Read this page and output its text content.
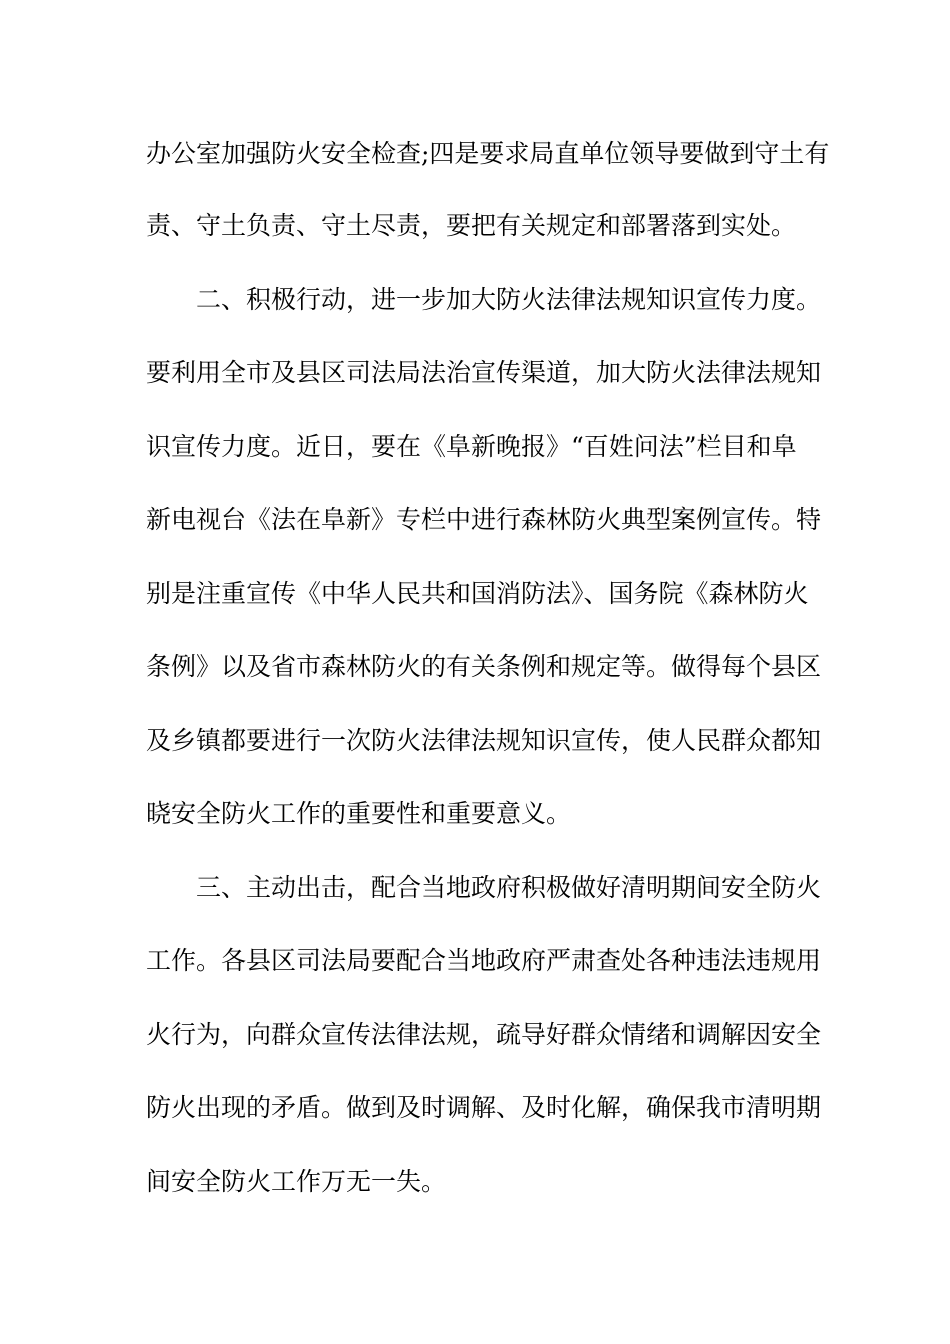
办公室加强防火安全检查;四是要求局直单位领导要做到守土有
责、守土负责、守土尽责，要把有关规定和部署落到实处。
二、积极行动，进一步加大防火法律法规知识宣传力度。
要利用全市及县区司法局法治宣传渠道，加大防火法律法规知
识宣传力度。近日，要在《阜新晚报》“百姓问法”栏目和阜
新电视台《法在阜新》专栏中进行森林防火典型案例宣传。特
别是注重宣传《中华人民共和国消防法》、国务院《森林防火
条例》以及省市森林防火的有关条例和规定等。做得每个县区
及乡镇都要进行一次防火法律法规知识宣传，使人民群众都知
晓安全防火工作的重要性和重要意义。
三、主动出击，配合当地政府积极做好清明期间安全防火
工作。各县区司法局要配合当地政府严肃查处各种违法违规用
火行为，向群众宣传法律法规，疏导好群众情绪和调解因安全
防火出现的矛盾。做到及时调解、及时化解，确保我市清明期
间安全防火工作万无一失。
